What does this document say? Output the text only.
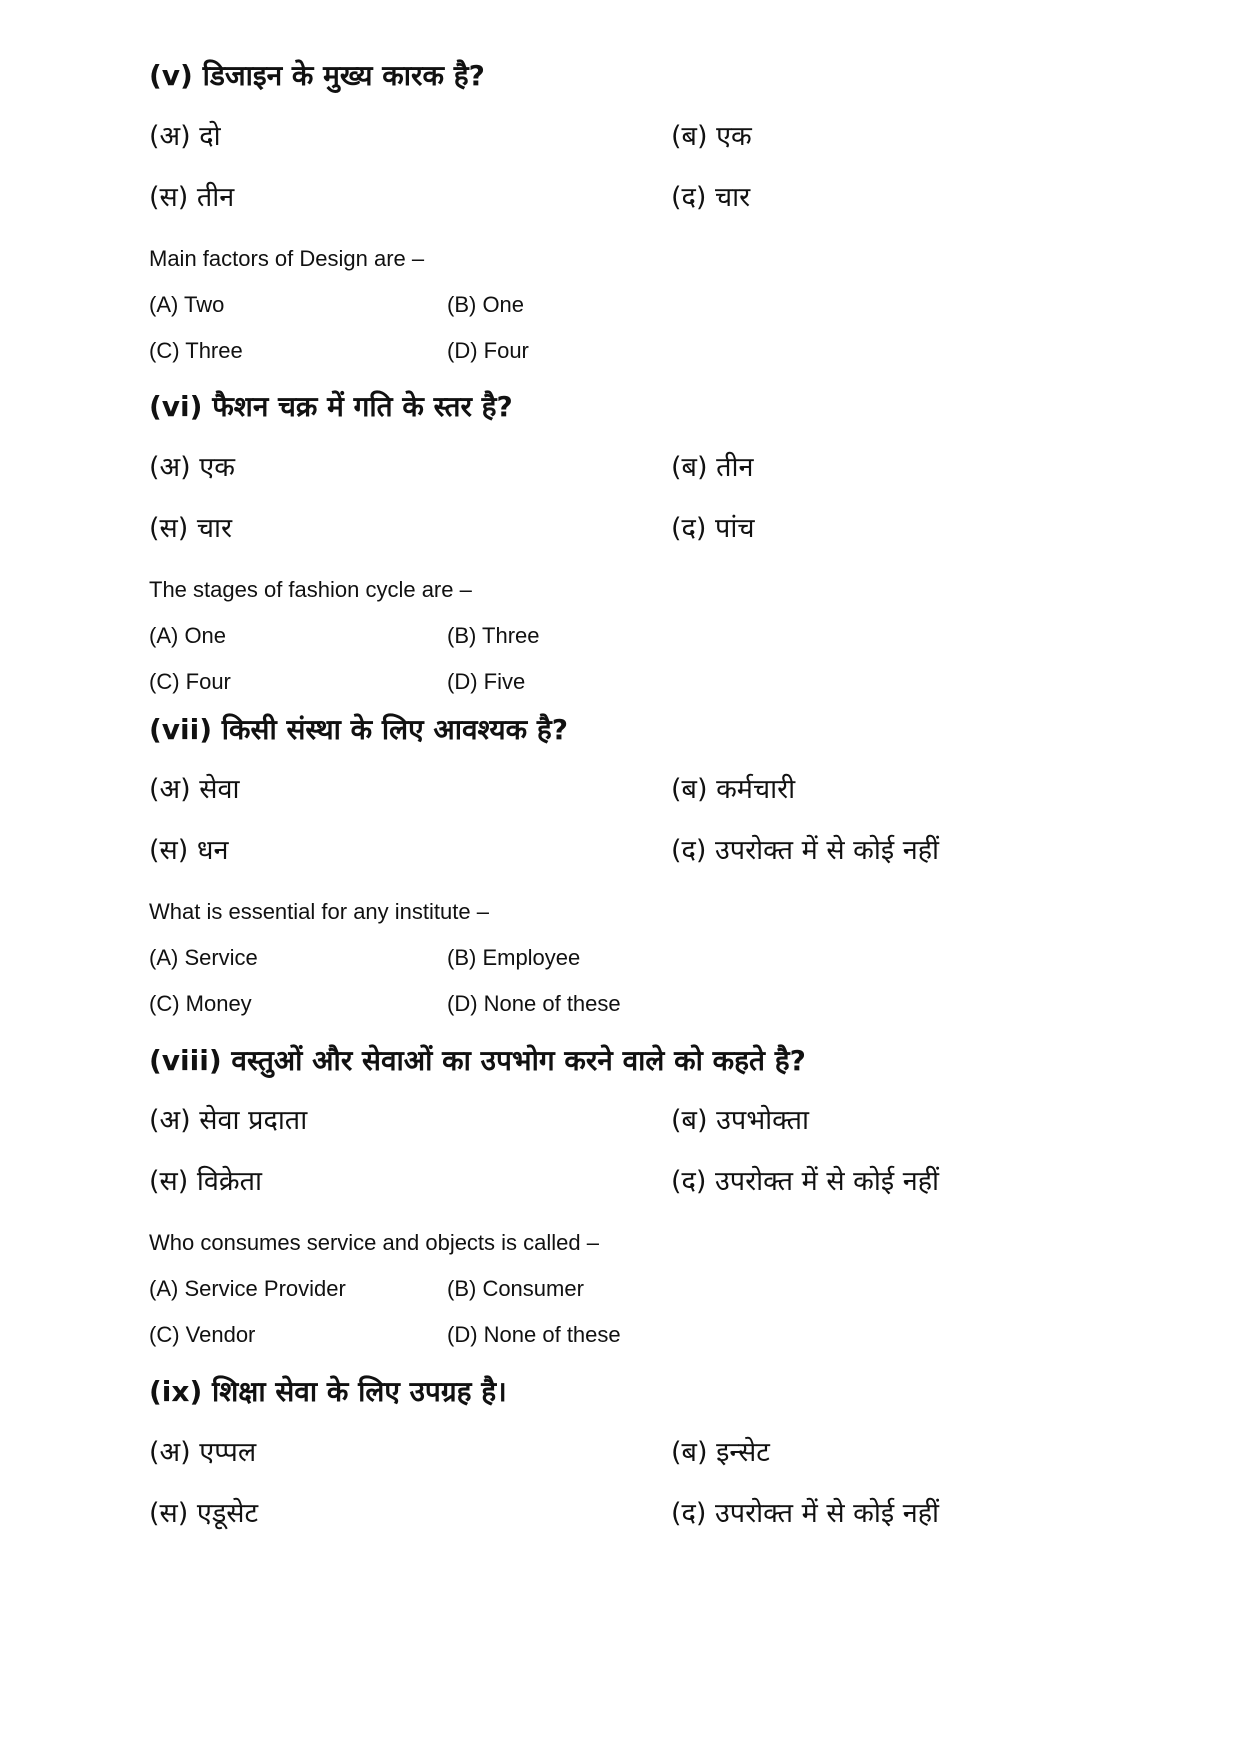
(v) डिजाइन के मुख्य कारक है?
(अ) दो	(ब) एक
(स) तीन	(द) चार
Main factors of Design are –
(A) Two	(B) One
(C) Three	(D) Four
(vi) फैशन चक्र में गति के स्तर है?
(अ) एक	(ब) तीन
(स) चार	(द) पांच
The stages of fashion cycle are –
(A) One	(B) Three
(C) Four	(D) Five
(vii) किसी संस्था के लिए आवश्यक है?
(अ) सेवा	(ब) कर्मचारी
(स) धन	(द) उपरोक्त में से कोई नहीं
What is essential for any institute –
(A) Service	(B) Employee
(C) Money	(D) None of these
(viii) वस्तुओं और सेवाओं का उपभोग करने वाले को कहते है?
(अ) सेवा प्रदाता	(ब) उपभोक्ता
(स) विक्रेता	(द) उपरोक्त में से कोई नहीं
Who consumes service and objects is called –
(A) Service Provider	(B) Consumer
(C) Vendor	(D) None of these
(ix) शिक्षा सेवा के लिए उपग्रह है।
(अ) एप्पल	(ब) इन्सेट
(स) एडूसेट	(द) उपरोक्त में से कोई नहीं
